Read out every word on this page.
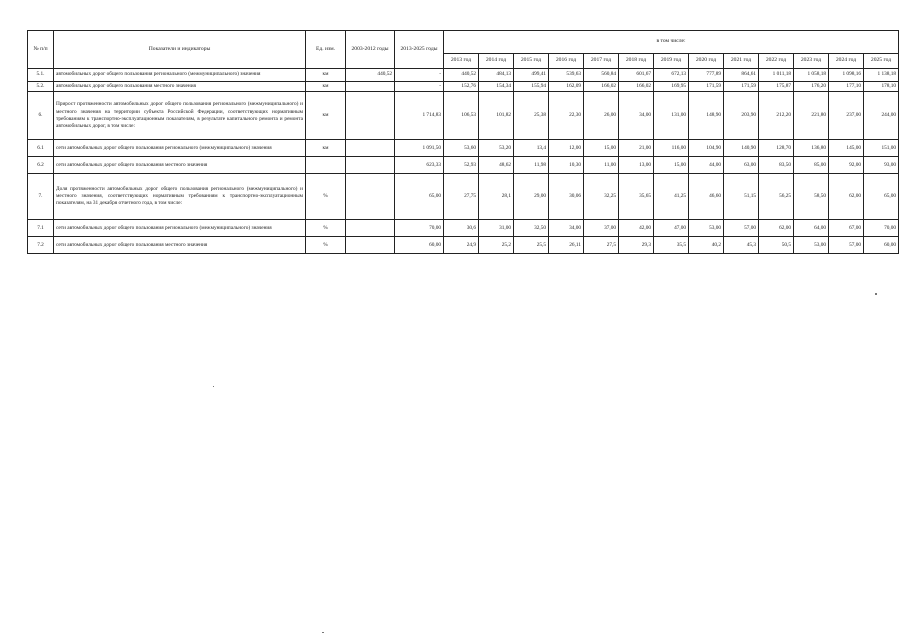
№ п/п	Показатели и индикаторы	Ед. изм.	2003-2012 годы	2013-2025 годы	в том числе:												
					2013 год	2014 год	2015 год	2016 год	2017 год	2018 год	2019 год	2020 год	2021 год	2022 год	2023 год	2024 год	2025 год
5.1.	автомобильных дорог общего пользования регионального (межмуниципального) значения	км	440,52	-	440,52	484,13	499,41	539,63	560,84	601,67	672,13	777,89	864,61	1 011,18	1 058,18	1 098,16	1 138,18
5.2.	автомобильных дорог общего пользования местного значения	км		-	152,76	154,34	155,94	162,09	166,02	166,02	169,95	171,59	171,59	175,87	176,20	177,10	178,10
6.	Прирост протяженности автомобильных дорог общего пользования регионального (межмуниципального) и местного значения на территории субъекта Российской Федерации, соответствующих нормативным требованиям к транспортно-эксплуатационным показателям, в результате капитального ремонта и ремонта автомобильных дорог, в том числе:	км		1 714,83	106,53	101,82	25,38	22,30	26,00	34,00	131,00	148,90	203,90	212,20	221,80	237,00	244,00
6.1	сети автомобильных дорог общего пользования регионального (межмуниципального) значения	км		1 091,50	53,60	53,20	13,4	12,00	15,00	21,00	116,00	104,90	140,90	128,70	136,80	145,00	151,00
6.2	сети автомобильных дорог общего пользования местного значения			623,33	52,93	48,62	11,98	10,30	11,00	13,00	15,00	44,00	63,00	83,50	85,00	92,00	93,00
7.	Доля протяженности автомобильных дорог общего пользования регионального (межмуниципального) и местного значения, соответствующих нормативным требованиям к транспортно-эксплуатационным показателям, на 31 декабря отчетного года, в том числе:	%		65,00	27,75	28,1	29,00	30,06	32,25	35,65	41,25	46,60	51,15	56,25	58,50	62,00	65,00
7.1	сети автомобильных дорог общего пользования регионального (межмуниципального) значения	%		70,00	30,6	31,00	32,50	34,00	37,00	42,00	47,00	53,00	57,00	62,00	64,00	67,00	70,00
7.2	сети автомобильных дорог общего пользования местного значения	%		60,00	24,9	25,2	25,5	26,11	27,5	29,3	35,5	40,2	45,3	50,5	53,00	57,00	60,00
